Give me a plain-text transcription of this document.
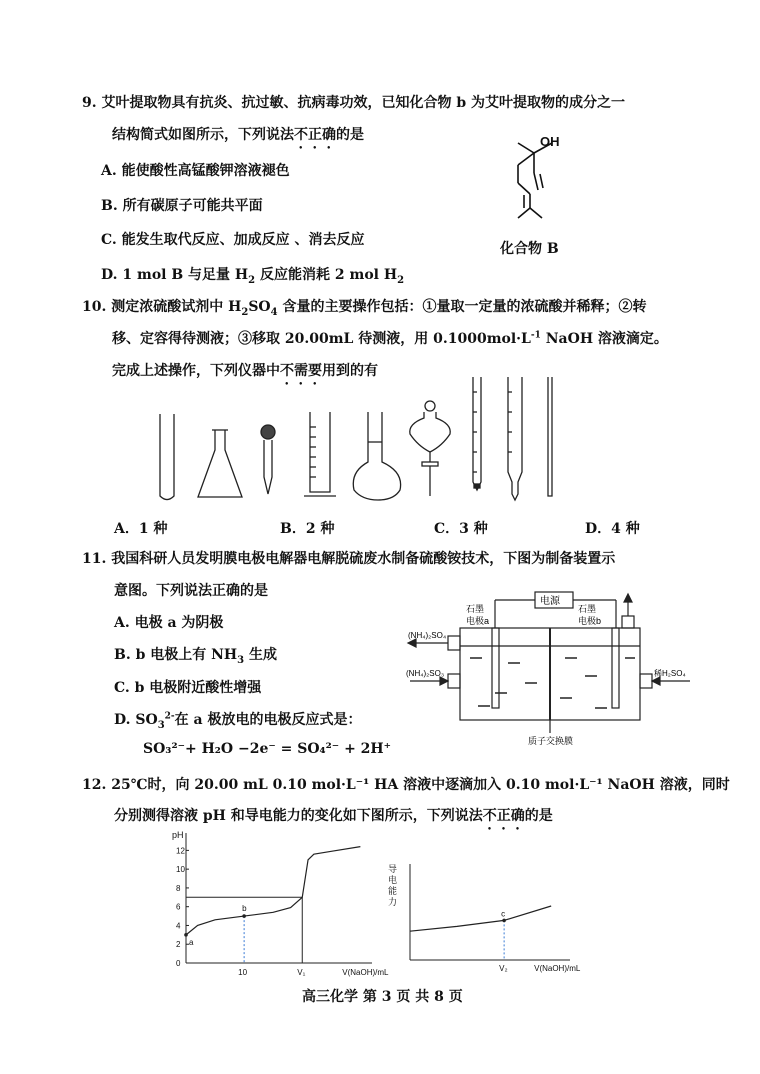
9. 艾叶提取物具有抗炎、抗过敏、抗病毒功效，已知化合物 b 为艾叶提取物的成分之一
结构简式如图所示，下列说法不正确的是
A. 能使酸性高锰酸钾溶液褪色
B. 所有碳原子可能共平面
C. 能发生取代反应、加成反应 、消去反应
D. 1 mol B 与足量 $H_2$ 反应能消耗 2 mol $H_2$
OH
化合物 B
10. 测定浓硫酸试剂中 $H_2SO_4$ 含量的主要操作包括：①量取一定量的浓硫酸并稀释；②转
移、定容得待测液；③移取 20.00mL 待测液，用 $0.1000mol\cdot L^{-1}$ NaOH 溶液滴定。
完成上述操作，下列仪器中不需要用到的有
A．1 种	B．2 种	C．3 种	D．4 种
11. 我国科研人员发明膜电极电解器电解脱硫废水制备硫酸铵技术，下图为制备装置示
意图。下列说法正确的是
A. 电极 a 为阴极
B. b 电极上有 $NH_3$ 生成
C. b 电极附近酸性增强
D. $SO_3^{2-}$在 a 极放电的电极反应式是：
SO₃²⁻+ H₂O −2e⁻ = SO₄²⁻ + 2H⁺
电源
石墨
电极a
石墨
电极b
(NH₄)₂SO₄
(NH₄)₂SO₃	稀H₂SO₄
质子交换膜
12. 25℃时，向 20.00 mL 0.10 mol·L⁻¹ HA 溶液中逐滴加入 0.10 mol·L⁻¹ NaOH 溶液，同时
分别测得溶液 pH 和导电能力的变化如下图所示，下列说法不正确的是
pH
0
2
4
6
8
10
12
a
b
10	V₁	V(NaOH)/mL
导
电
能
力
c
V₂	V(NaOH)/mL
高三化学 第 3 页 共 8 页
